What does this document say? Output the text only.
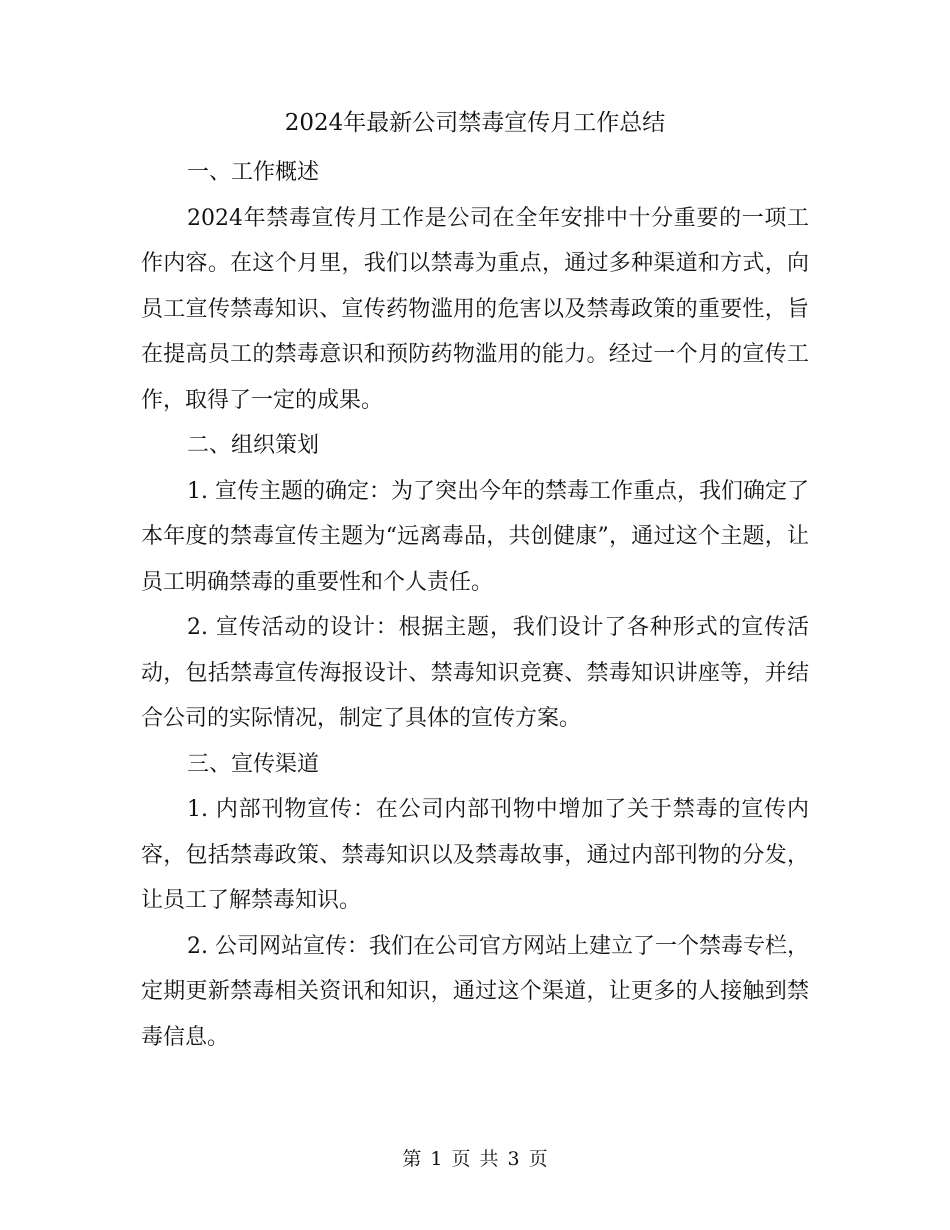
2024年最新公司禁毒宣传月工作总结

一、工作概述

2024年禁毒宣传月工作是公司在全年安排中十分重要的一项工作内容。在这个月里，我们以禁毒为重点，通过多种渠道和方式，向员工宣传禁毒知识、宣传药物滥用的危害以及禁毒政策的重要性，旨在提高员工的禁毒意识和预防药物滥用的能力。经过一个月的宣传工作，取得了一定的成果。

二、组织策划

1. 宣传主题的确定：为了突出今年的禁毒工作重点，我们确定了本年度的禁毒宣传主题为“远离毒品，共创健康”，通过这个主题，让员工明确禁毒的重要性和个人责任。

2. 宣传活动的设计：根据主题，我们设计了各种形式的宣传活动，包括禁毒宣传海报设计、禁毒知识竞赛、禁毒知识讲座等，并结合公司的实际情况，制定了具体的宣传方案。

三、宣传渠道

1. 内部刊物宣传：在公司内部刊物中增加了关于禁毒的宣传内容，包括禁毒政策、禁毒知识以及禁毒故事，通过内部刊物的分发，让员工了解禁毒知识。

2. 公司网站宣传：我们在公司官方网站上建立了一个禁毒专栏，定期更新禁毒相关资讯和知识，通过这个渠道，让更多的人接触到禁毒信息。

第 1 页 共 3 页
